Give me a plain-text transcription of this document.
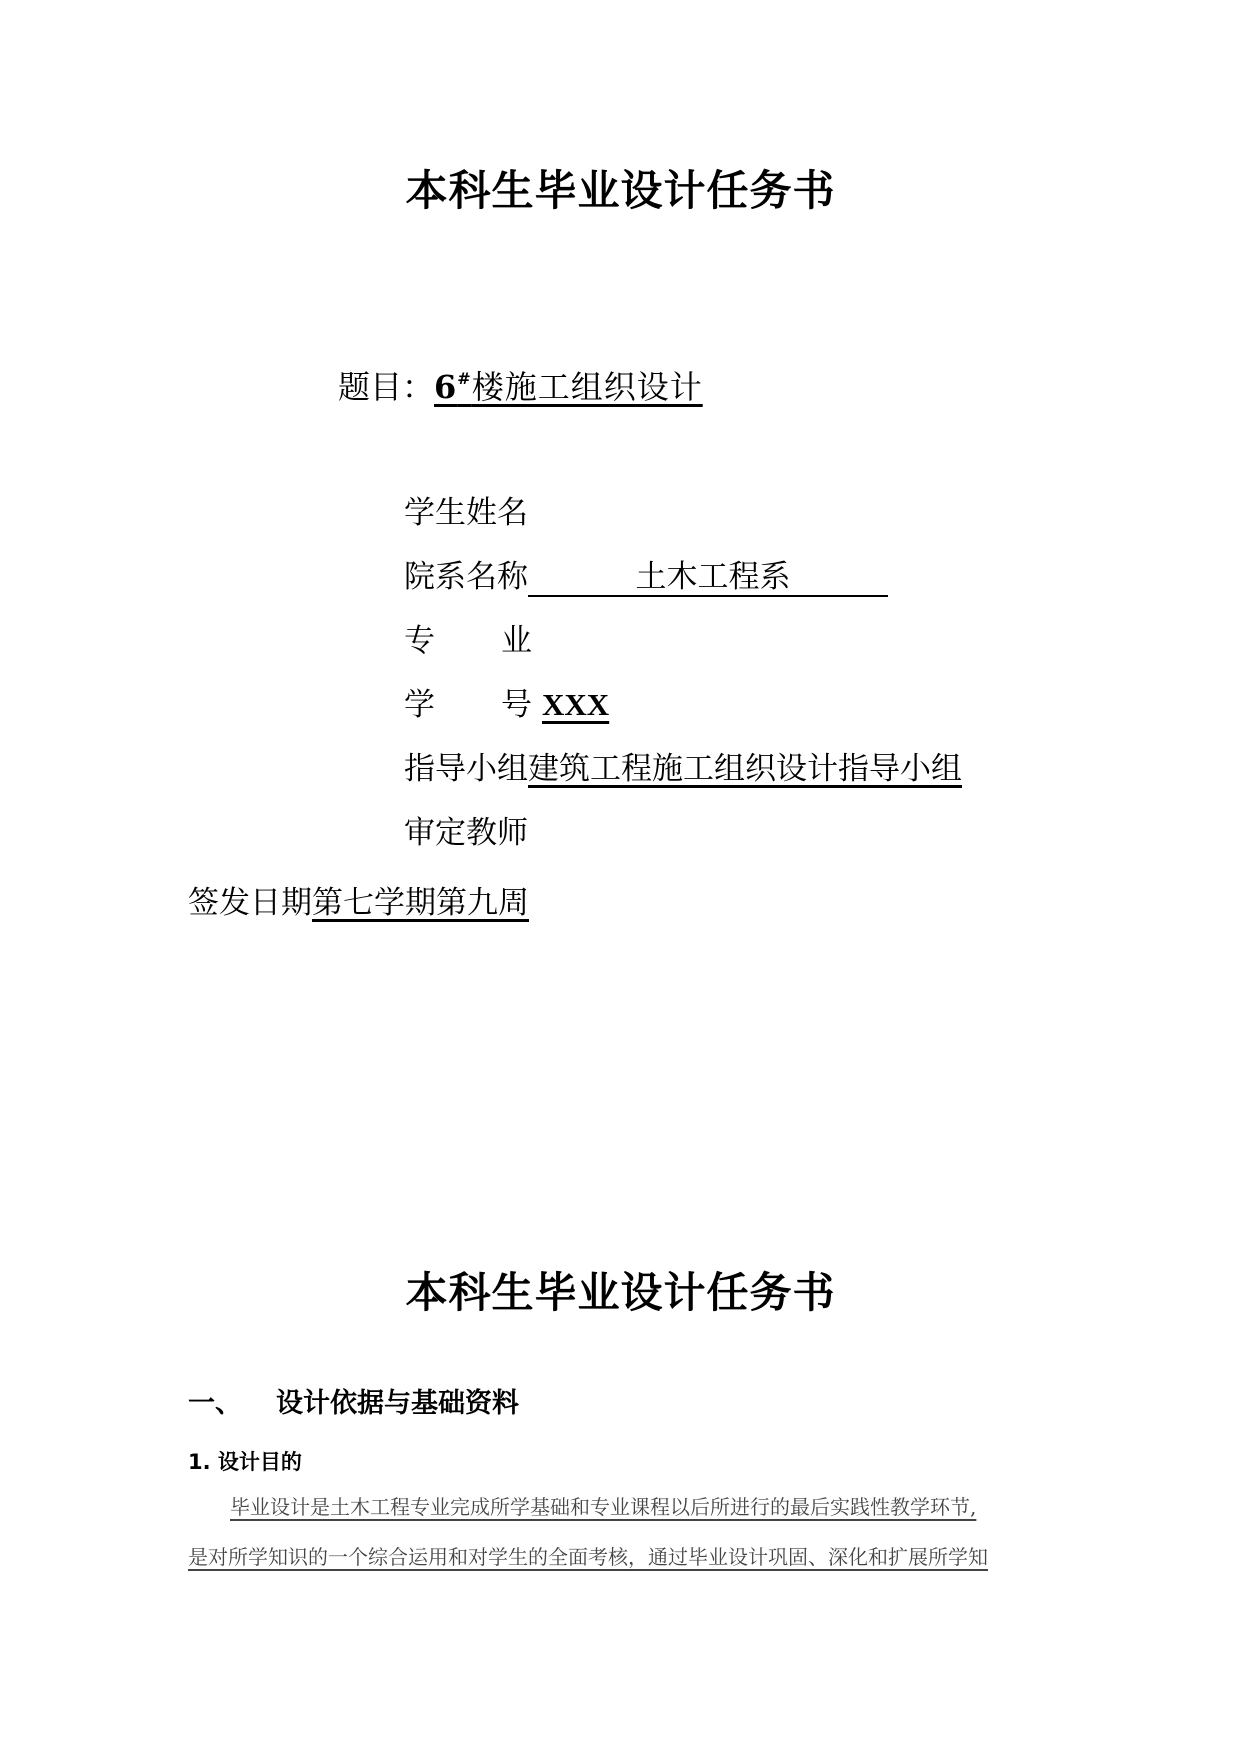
本科生毕业设计任务书
题目：6#楼施工组织设计
学生姓名
院系名称	土木工程系
专 业
学 号 XXX
指导小组 建筑工程施工组织设计指导小组
审定教师
签发日期 第七学期第九周
本科生毕业设计任务书
一、 设计依据与基础资料
1. 设计目的
毕业设计是土木工程专业完成所学基础和专业课程以后所进行的最后实践性教学环节,
是对所学知识的一个综合运用和对学生的全面考核，通过毕业设计巩固、深化和扩展所学知
